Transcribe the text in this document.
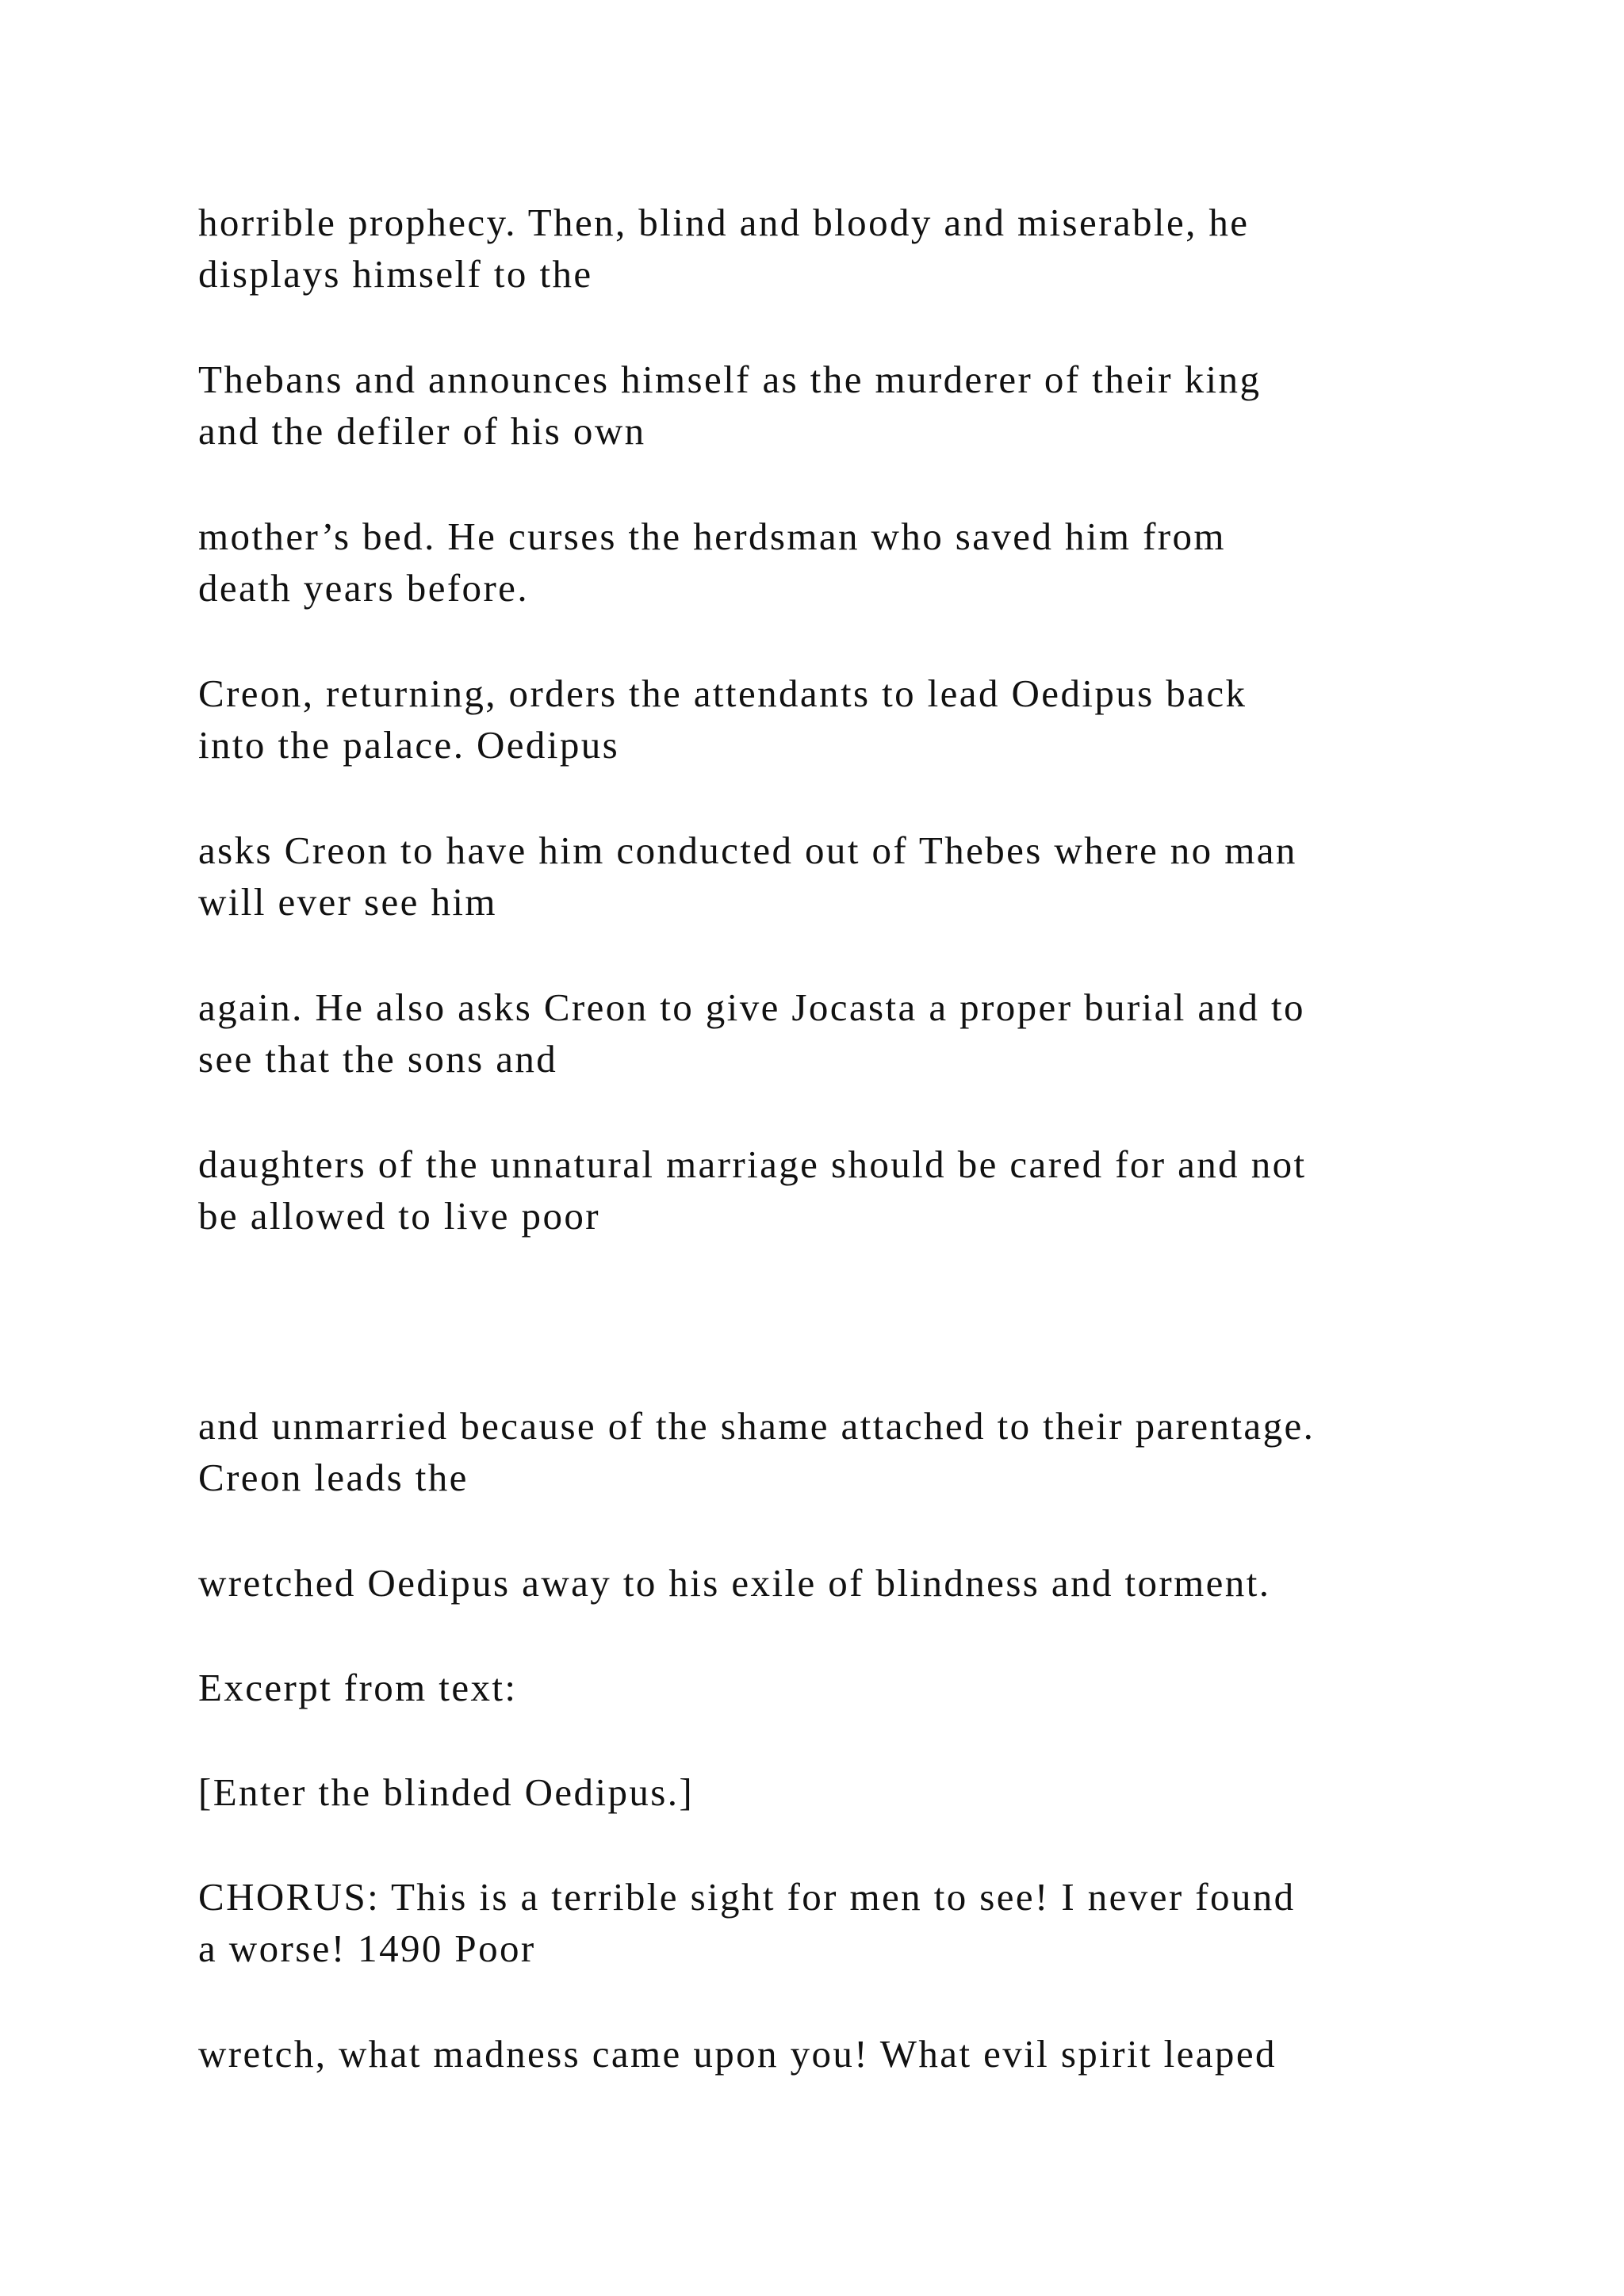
horrible prophecy. Then, blind and bloody and miserable, he
displays himself to the

Thebans and announces himself as the murderer of their king
and the defiler of his own

mother’s bed. He curses the herdsman who saved him from
death years before.

Creon, returning, orders the attendants to lead Oedipus back
into the palace. Oedipus

asks Creon to have him conducted out of Thebes where no man
will ever see him

again. He also asks Creon to give Jocasta a proper burial and to
see that the sons and

daughters of the unnatural marriage should be cared for and not
be allowed to live poor

and unmarried because of the shame attached to their parentage.
Creon leads the

wretched Oedipus away to his exile of blindness and torment.

Excerpt from text:

[Enter the blinded Oedipus.]

CHORUS: This is a terrible sight for men to see! I never found
a worse! 1490 Poor

wretch, what madness came upon you! What evil spirit leaped
